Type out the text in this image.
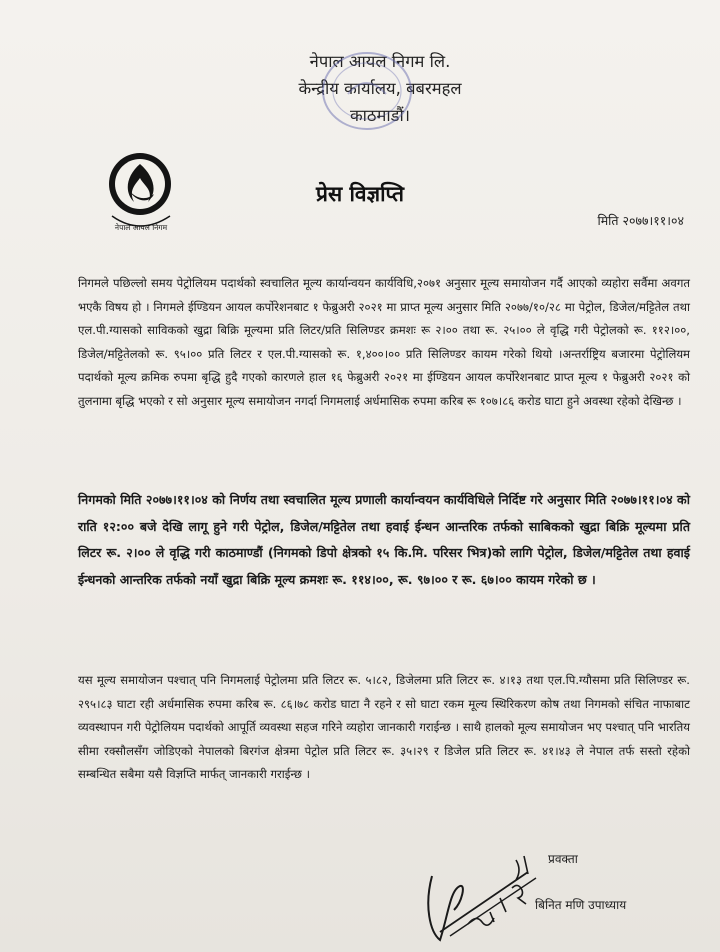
नेपाल आयल निगम लि.
केन्द्रीय कार्यालय, बबरमहल
काठमाडौं।
नेपाल आयल निगम
प्रेस विज्ञप्ति
मिति २०७७।११।०४

निगमले पछिल्लो समय पेट्रोलियम पदार्थको स्वचालित मूल्य कार्यान्वयन कार्यविधि,२०७१ अनुसार मूल्य समायोजन गर्दै आएको व्यहोरा सर्वैमा अवगत भएकै विषय हो । निगमले ईण्डियन आयल कर्पोरेशनबाट १ फेब्रुअरी २०२१ मा प्राप्त मूल्य अनुसार मिति २०७७/१०/२८ मा पेट्रोल, डिजेल/मट्टितेल तथा एल.पी.ग्यासको साविकको खुद्रा बिक्रि मूल्यमा प्रति लिटर/प्रति सिलिण्डर क्रमशः रू २।०० तथा रू. २५।०० ले वृद्धि गरी पेट्रोलको रू. ११२।००, डिजेल/मट्टितेलको रू. ९५।०० प्रति लिटर र एल.पी.ग्यासको रू. १,४००।०० प्रति सिलिण्डर कायम गरेको थियो ।अन्तर्राष्ट्रिय बजारमा पेट्रोलियम पदार्थको मूल्य क्रमिक रुपमा बृद्धि हुदै गएको कारणले हाल १६ फेब्रुअरी २०२१ मा ईण्डियन आयल कर्पोरेशनबाट प्राप्त मूल्य १ फेब्रुअरी २०२१ को तुलनामा बृद्धि भएको र सो अनुसार मूल्य समायोजन नगर्दा निगमलाई अर्धमासिक रुपमा करिब रू १०७।८६ करोड घाटा हुने अवस्था रहेको देखिन्छ ।

निगमको मिति २०७७।११।०४ को निर्णय तथा स्वचालित मूल्य प्रणाली कार्यान्वयन कार्यविधिले निर्दिष्ट गरे अनुसार मिति २०७७।११।०४ को राति १२:०० बजे देखि लागू हुने गरी पेट्रोल, डिजेल/मट्टितेल तथा हवाई ईन्धन आन्तरिक तर्फको साबिकको खुद्रा बिक्रि मूल्यमा प्रति लिटर रू. २।०० ले वृद्धि गरी काठमाण्डौं (निगमको डिपो क्षेत्रको १५ कि.मि. परिसर भित्र)को लागि पेट्रोल, डिजेल/मट्टितेल तथा हवाई ईन्धनको आन्तरिक तर्फको नयाँ खुद्रा बिक्रि मूल्य क्रमशः रू. ११४।००, रू. ९७।०० र रू. ६७।०० कायम गरेको छ ।

यस मूल्य समायोजन पश्चात् पनि निगमलाई पेट्रोलमा प्रति लिटर रू. ५।८२, डिजेलमा प्रति लिटर रू. ४।१३ तथा एल.पि.ग्यौसमा प्रति सिलिण्डर रू. २९५।८३ घाटा रही अर्धमासिक रुपमा करिब रू. ८६।७८ करोड घाटा नै रहने र सो घाटा रकम मूल्य स्थिरिकरण कोष तथा निगमको संचित नाफाबाट व्यवस्थापन गरी पेट्रोलियम पदार्थको आपूर्ति व्यवस्था सहज गरिने व्यहोरा जानकारी गराईन्छ । साथै हालको मूल्य समायोजन भए पश्चात् पनि भारतिय सीमा रक्सौलसँग जोडिएको नेपालको बिरगंज क्षेत्रमा पेट्रोल प्रति लिटर रू. ३५।२९ र डिजेल प्रति लिटर रू. ४१।४३ ले नेपाल तर्फ सस्तो रहेको सम्बन्धित सबैमा यसै विज्ञप्ति मार्फत् जानकारी गराईन्छ ।

प्रवक्ता
बिनित मणि उपाध्याय
